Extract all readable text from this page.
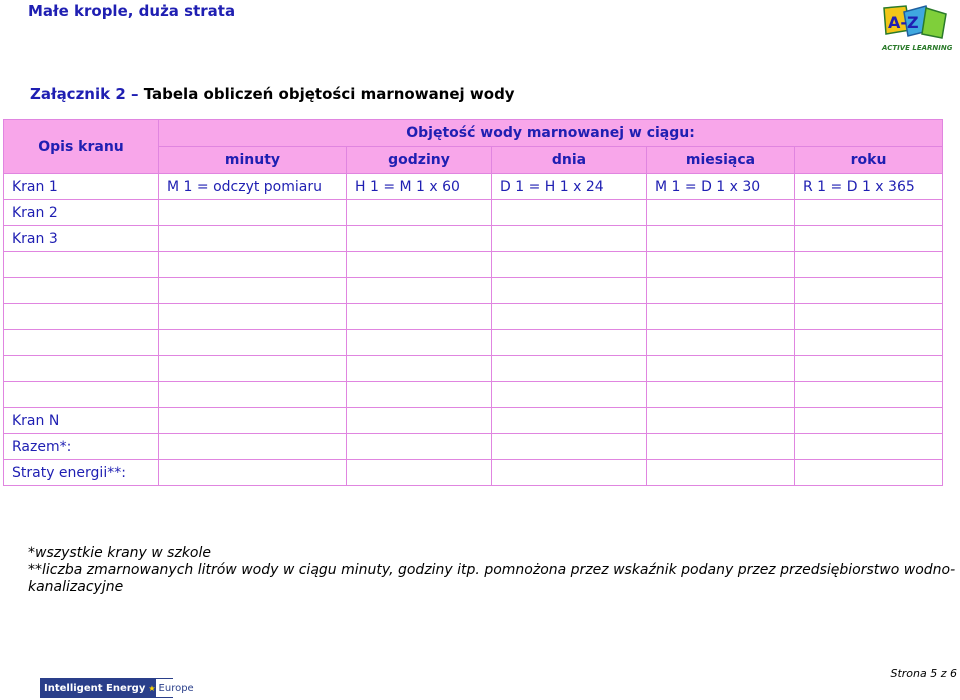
Małe krople, duża strata
A-Z
ACTIVE LEARNING
Załącznik 2 – Tabela obliczeń objętości marnowanej wody
Opis kranu	Objętość wody marnowanej w ciągu:				
	minuty	godziny	dnia	miesiąca	roku
Kran 1	M 1 = odczyt pomiaru	H 1 = M 1 x 60	D 1 = H 1 x 24	M 1 = D 1 x 30	R 1 = D 1 x 365
Kran 2					
Kran 3					

Kran N					
Razem*:					
Straty energii**:					
*wszystkie krany w szkole
**liczba zmarnowanych litrów wody w ciągu minuty, godziny itp. pomnożona przez wskaźnik podany przez przedsiębiorstwo wodno-kanalizacyjne
Intelligent Energy ★ Europe
Strona 5 z 6
